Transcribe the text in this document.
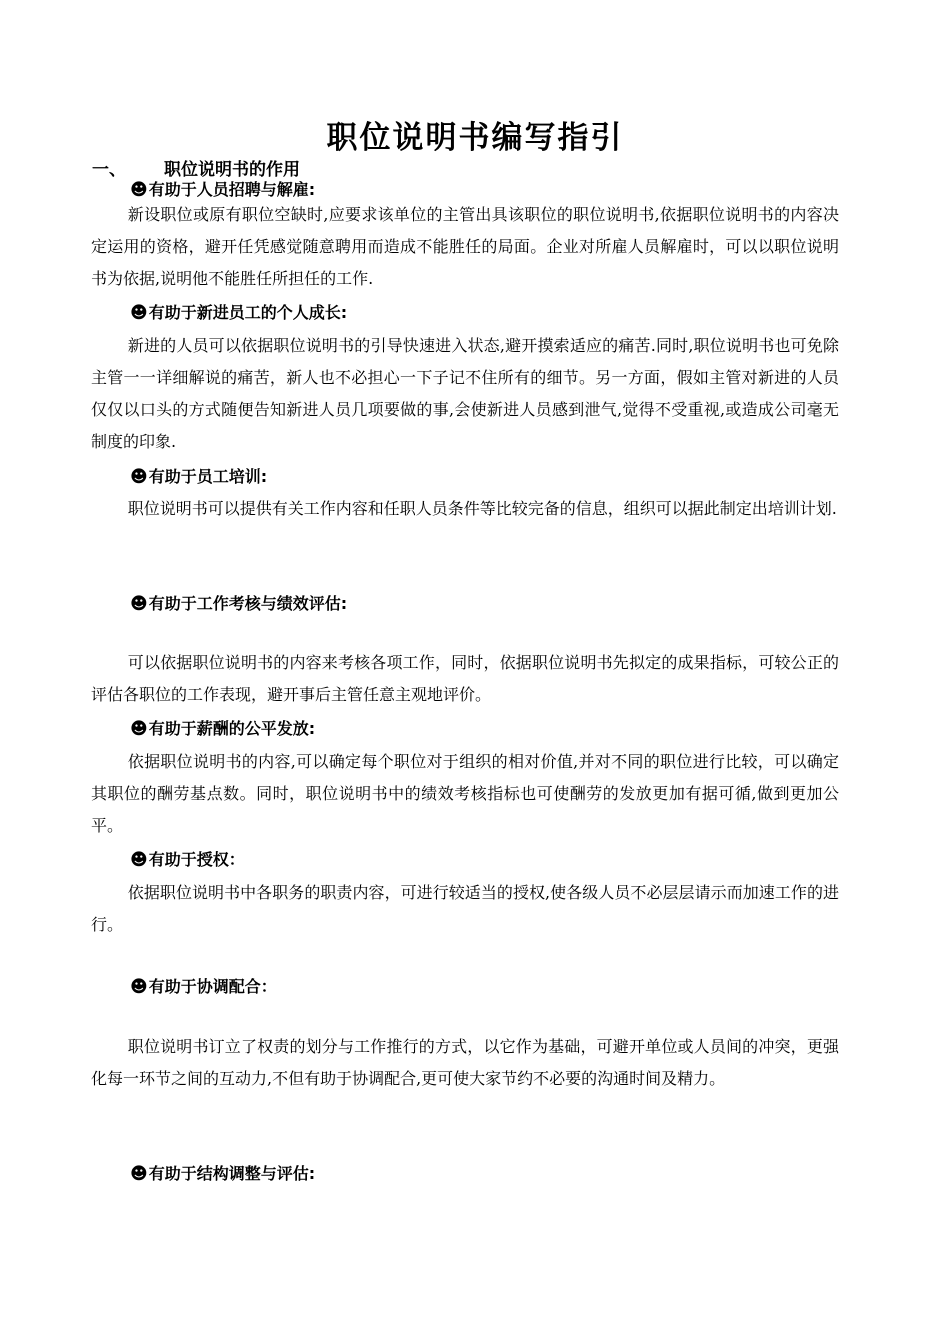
职位说明书编写指引
一、 职位说明书的作用
☻有助于人员招聘与解雇:
新设职位或原有职位空缺时,应要求该单位的主管出具该职位的职位说明书,依据职位说明书的内容决定运用的资格，避开任凭感觉随意聘用而造成不能胜任的局面。企业对所雇人员解雇时，可以以职位说明书为依据,说明他不能胜任所担任的工作.
☻有助于新进员工的个人成长:
新进的人员可以依据职位说明书的引导快速进入状态,避开摸索适应的痛苦.同时,职位说明书也可免除主管一一详细解说的痛苦，新人也不必担心一下子记不住所有的细节。另一方面，假如主管对新进的人员仅仅以口头的方式随便告知新进人员几项要做的事,会使新进人员感到泄气,觉得不受重视,或造成公司毫无制度的印象.
☻有助于员工培训:
职位说明书可以提供有关工作内容和任职人员条件等比较完备的信息，组织可以据此制定出培训计划.
☻有助于工作考核与绩效评估:
可以依据职位说明书的内容来考核各项工作，同时，依据职位说明书先拟定的成果指标，可较公正的评估各职位的工作表现，避开事后主管任意主观地评价。
☻有助于薪酬的公平发放:
依据职位说明书的内容,可以确定每个职位对于组织的相对价值,并对不同的职位进行比较，可以确定其职位的酬劳基点数。同时，职位说明书中的绩效考核指标也可使酬劳的发放更加有据可循,做到更加公平。
☻有助于授权：
依据职位说明书中各职务的职责内容，可进行较适当的授权,使各级人员不必层层请示而加速工作的进行。
☻有助于协调配合：
职位说明书订立了权责的划分与工作推行的方式，以它作为基础，可避开单位或人员间的冲突，更强化每一环节之间的互动力,不但有助于协调配合,更可使大家节约不必要的沟通时间及精力。
☻有助于结构调整与评估:
